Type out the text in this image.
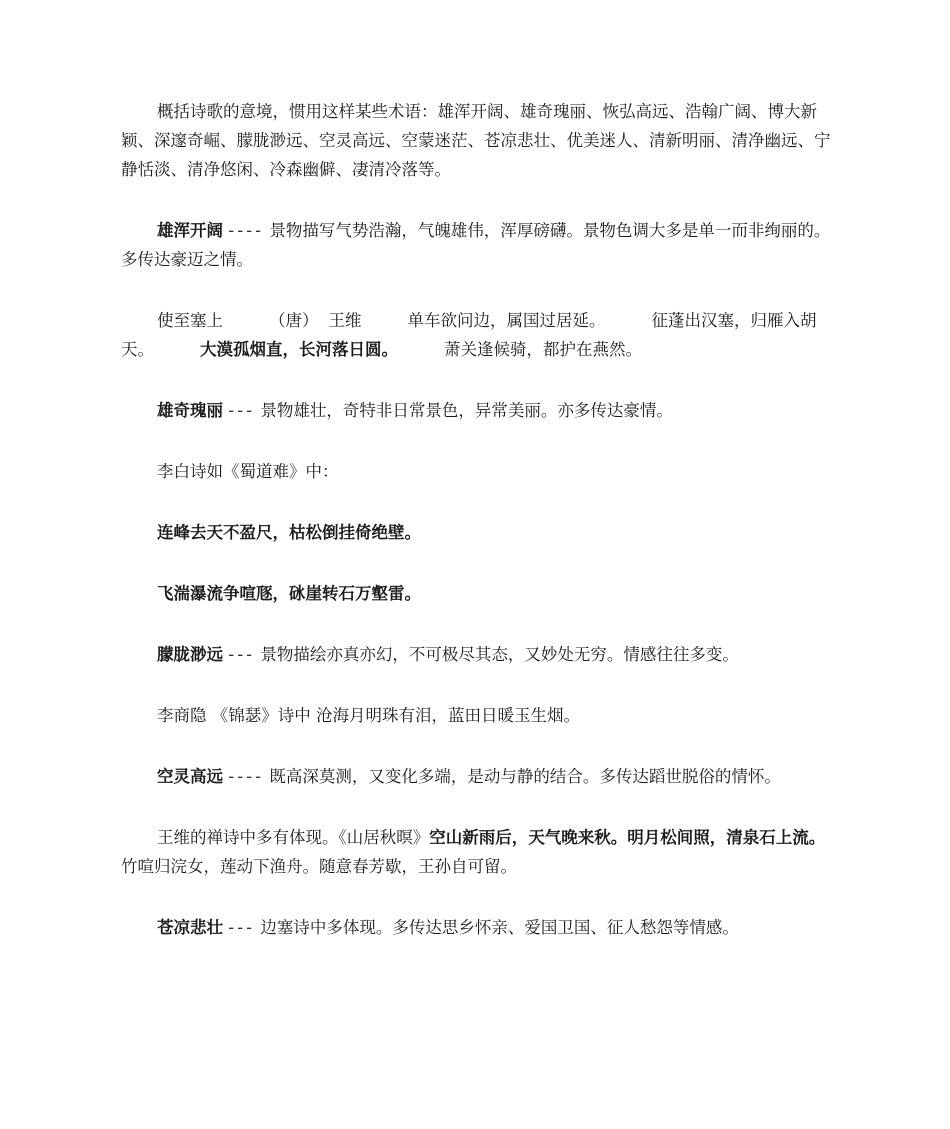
概括诗歌的意境，惯用这样某些术语：雄浑开阔、雄奇瑰丽、恢弘高远、浩翰广阔、博大新颖、深邃奇崛、朦胧渺远、空灵高远、空蒙迷茫、苍凉悲壮、优美迷人、清新明丽、清净幽远、宁静恬淡、清净悠闲、冷森幽僻、凄清冷落等。

雄浑开阔 ---- 景物描写气势浩瀚，气魄雄伟，浑厚磅礴。景物色调大多是单一而非绚丽的。多传达豪迈之情。

使至塞上	（唐） 王维	单车欲问边，属国过居延。	征蓬出汉塞，归雁入胡天。	大漠孤烟直，长河落日圆。	萧关逢候骑，都护在燕然。

雄奇瑰丽 --- 景物雄壮，奇特非日常景色，异常美丽。亦多传达豪情。

李白诗如《蜀道难》中：

连峰去天不盈尺，枯松倒挂倚绝壁。

飞湍瀑流争喧豗，砯崖转石万壑雷。

朦胧渺远 --- 景物描绘亦真亦幻，不可极尽其态，又妙处无穷。情感往往多变。

李商隐 《锦瑟》诗中 沧海月明珠有泪，蓝田日暖玉生烟。

空灵高远 ---- 既高深莫测，又变化多端，是动与静的结合。多传达蹈世脱俗的情怀。

王维的禅诗中多有体现。《山居秋暝》空山新雨后，天气晚来秋。明月松间照，清泉石上流。竹喧归浣女，莲动下渔舟。随意春芳歇，王孙自可留。

苍凉悲壮 --- 边塞诗中多体现。多传达思乡怀亲、爱国卫国、征人愁怨等情感。
